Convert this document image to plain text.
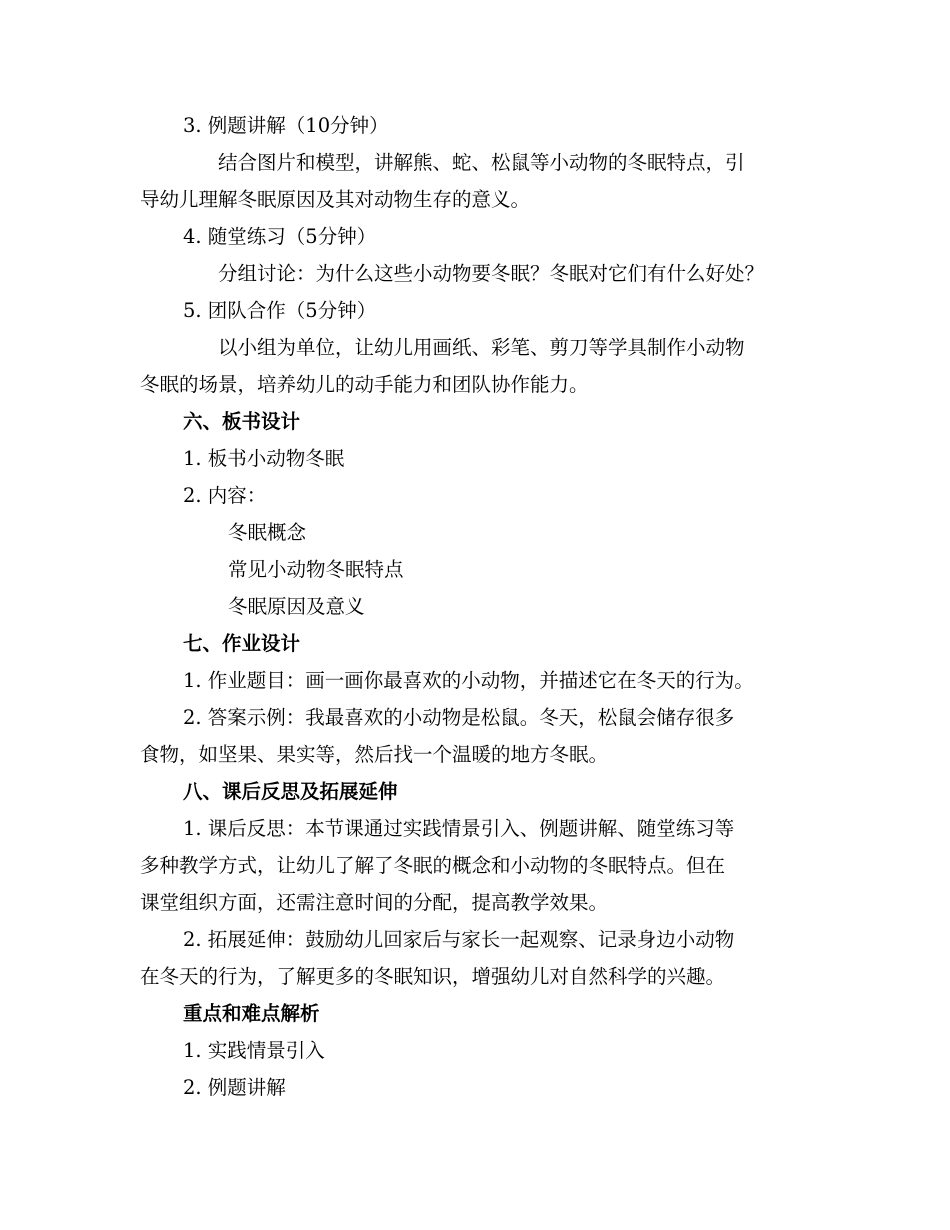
3. 例题讲解（10分钟）
结合图片和模型，讲解熊、蛇、松鼠等小动物的冬眠特点，引
导幼儿理解冬眠原因及其对动物生存的意义。
4. 随堂练习（5分钟）
分组讨论：为什么这些小动物要冬眠？冬眠对它们有什么好处？
5. 团队合作（5分钟）
以小组为单位，让幼儿用画纸、彩笔、剪刀等学具制作小动物
冬眠的场景，培养幼儿的动手能力和团队协作能力。
六、板书设计
1. 板书小动物冬眠
2. 内容：
冬眠概念
常见小动物冬眠特点
冬眠原因及意义
七、作业设计
1. 作业题目：画一画你最喜欢的小动物，并描述它在冬天的行为。
2. 答案示例：我最喜欢的小动物是松鼠。冬天，松鼠会储存很多
食物，如坚果、果实等，然后找一个温暖的地方冬眠。
八、课后反思及拓展延伸
1. 课后反思：本节课通过实践情景引入、例题讲解、随堂练习等
多种教学方式，让幼儿了解了冬眠的概念和小动物的冬眠特点。但在
课堂组织方面，还需注意时间的分配，提高教学效果。
2. 拓展延伸：鼓励幼儿回家后与家长一起观察、记录身边小动物
在冬天的行为，了解更多的冬眠知识，增强幼儿对自然科学的兴趣。
重点和难点解析
1. 实践情景引入
2. 例题讲解
